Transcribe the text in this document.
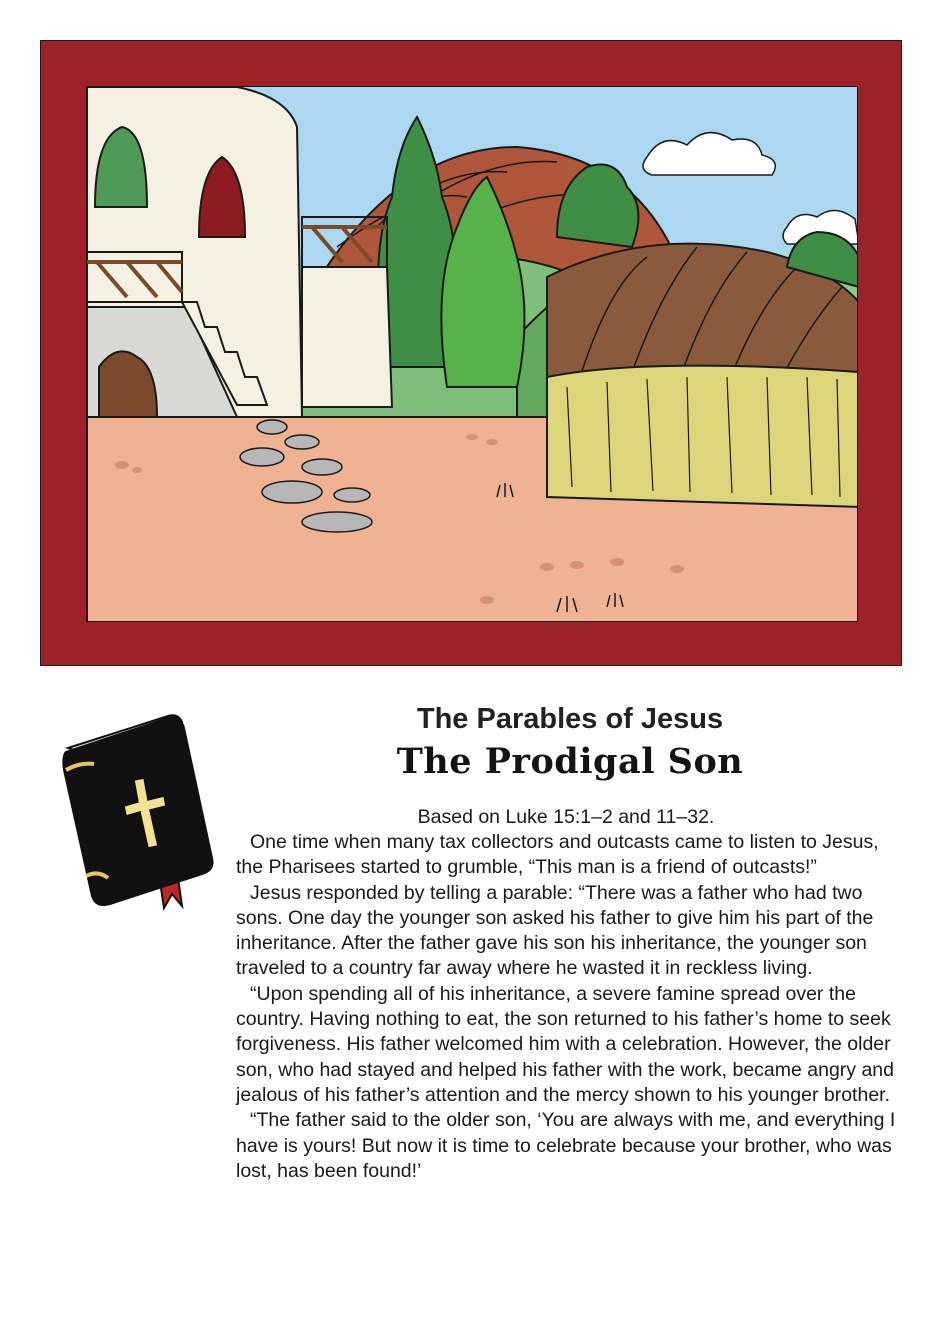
The Parables of Jesus
The Prodigal Son
Based on Luke 15:1–2 and 11–32.

One time when many tax collectors and outcasts came to listen to Jesus, the Pharisees started to grumble, “This man is a friend of outcasts!”

Jesus responded by telling a parable: “There was a father who had two sons. One day the younger son asked his father to give him his part of the inheritance. After the father gave his son his inheritance, the younger son traveled to a country far away where he wasted it in reckless living.

“Upon spending all of his inheritance, a severe famine spread over the country. Having nothing to eat, the son returned to his father’s home to seek forgiveness. His father welcomed him with a celebration. However, the older son, who had stayed and helped his father with the work, became angry and jealous of his father’s attention and the mercy shown to his younger brother.

“The father said to the older son, ‘You are always with me, and everything I have is yours! But now it is time to celebrate because your brother, who was lost, has been found!’
